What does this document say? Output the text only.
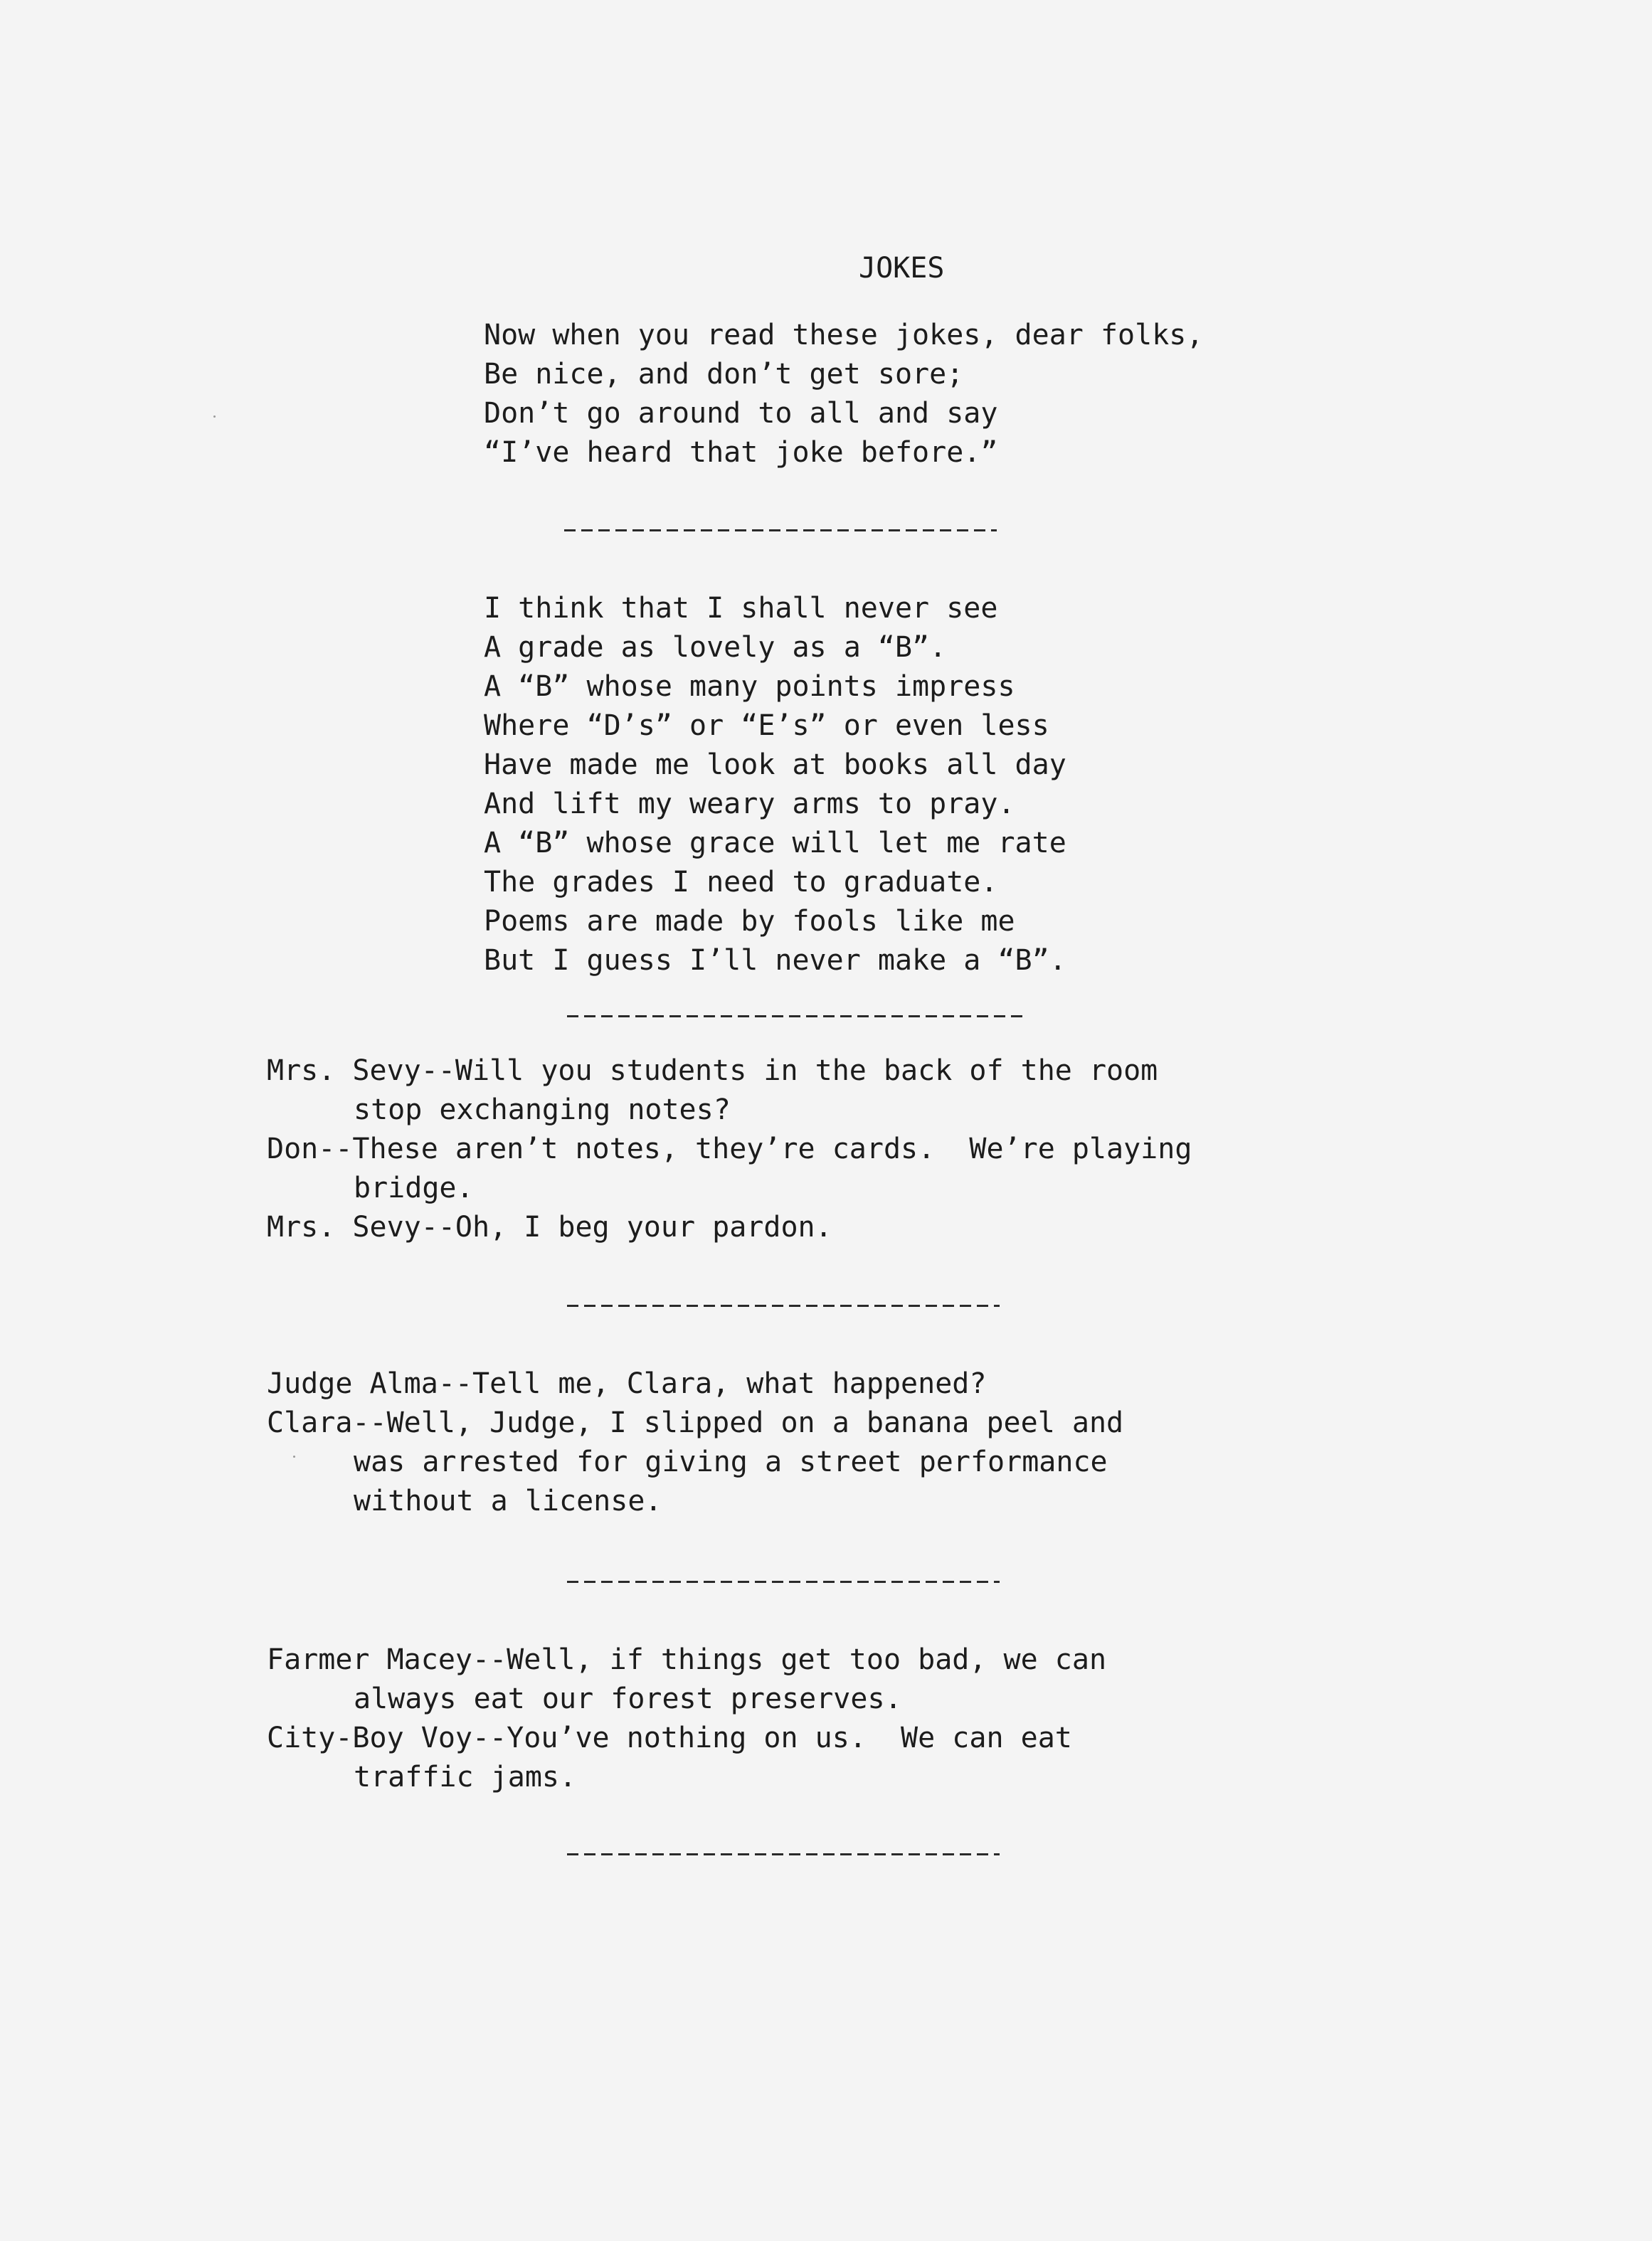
JOKES
Now when you read these jokes, dear folks,
Be nice, and don’t get sore;
Don’t go around to all and say
“I’ve heard that joke before.”
I think that I shall never see
A grade as lovely as a “B”.
A “B” whose many points impress
Where “D’s” or “E’s” or even less
Have made me look at books all day
And lift my weary arms to pray.
A “B” whose grace will let me rate
The grades I need to graduate.
Poems are made by fools like me
But I guess I’ll never make a “B”.
Mrs. Sevy--Will you students in the back of the room
stop exchanging notes?
Don--These aren’t notes, they’re cards.  We’re playing
bridge.
Mrs. Sevy--Oh, I beg your pardon.
Judge Alma--Tell me, Clara, what happened?
Clara--Well, Judge, I slipped on a banana peel and
was arrested for giving a street performance
without a license.
Farmer Macey--Well, if things get too bad, we can
always eat our forest preserves.
City-Boy Voy--You’ve nothing on us.  We can eat
traffic jams.
